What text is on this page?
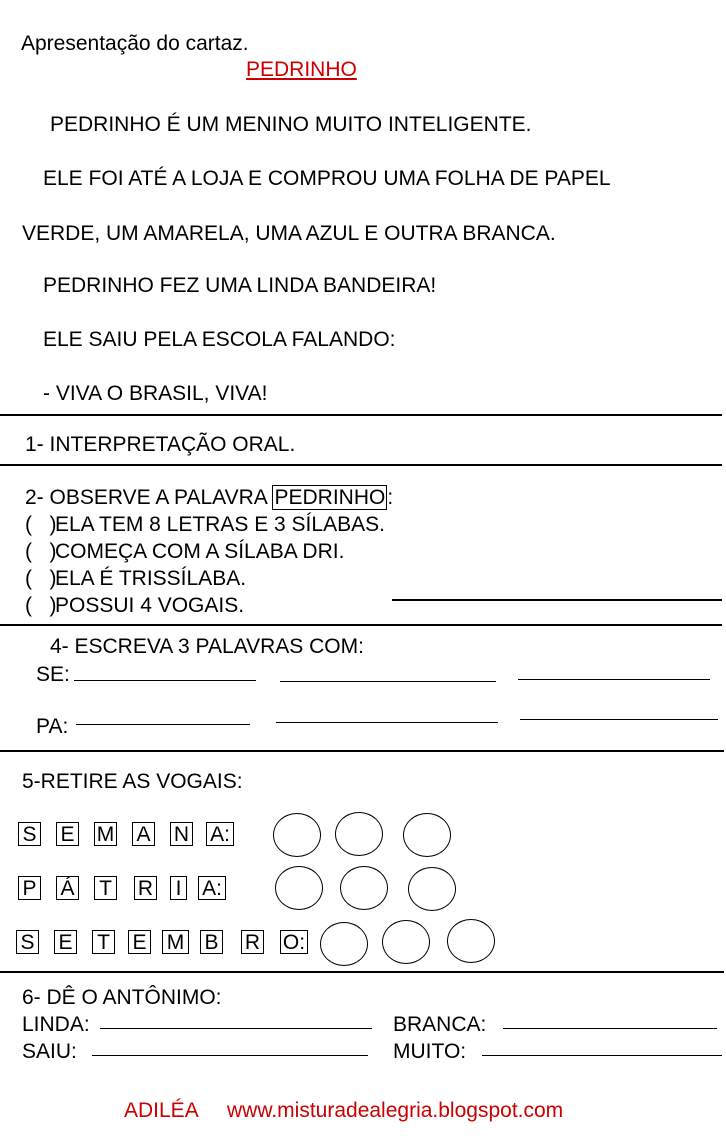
Apresentação do cartaz.
PEDRINHO
PEDRINHO É UM MENINO MUITO INTELIGENTE.
ELE FOI ATÉ A LOJA E COMPROU UMA FOLHA DE PAPEL
VERDE, UM AMARELA, UMA AZUL E OUTRA BRANCA.
PEDRINHO FEZ UMA LINDA BANDEIRA!
ELE SAIU PELA ESCOLA FALANDO:
- VIVA O BRASIL, VIVA!
1- INTERPRETAÇÃO ORAL.
2- OBSERVE A PALAVRA PEDRINHO:
( )ELA TEM 8 LETRAS E 3 SÍLABAS.
( )COMEÇA COM A SÍLABA DRI.
( )ELA É TRISSÍLABA.
( )POSSUI 4 VOGAIS.
4- ESCREVA 3 PALAVRAS COM:
SE:
PA:
5-RETIRE AS VOGAIS:
S E M A N A:
P Á T R I A:
S E T E M B R O:
6- DÊ O ANTÔNIMO:
LINDA:	BRANCA:
SAIU:	MUITO:
ADILÉA www.misturadealegria.blogspot.com
